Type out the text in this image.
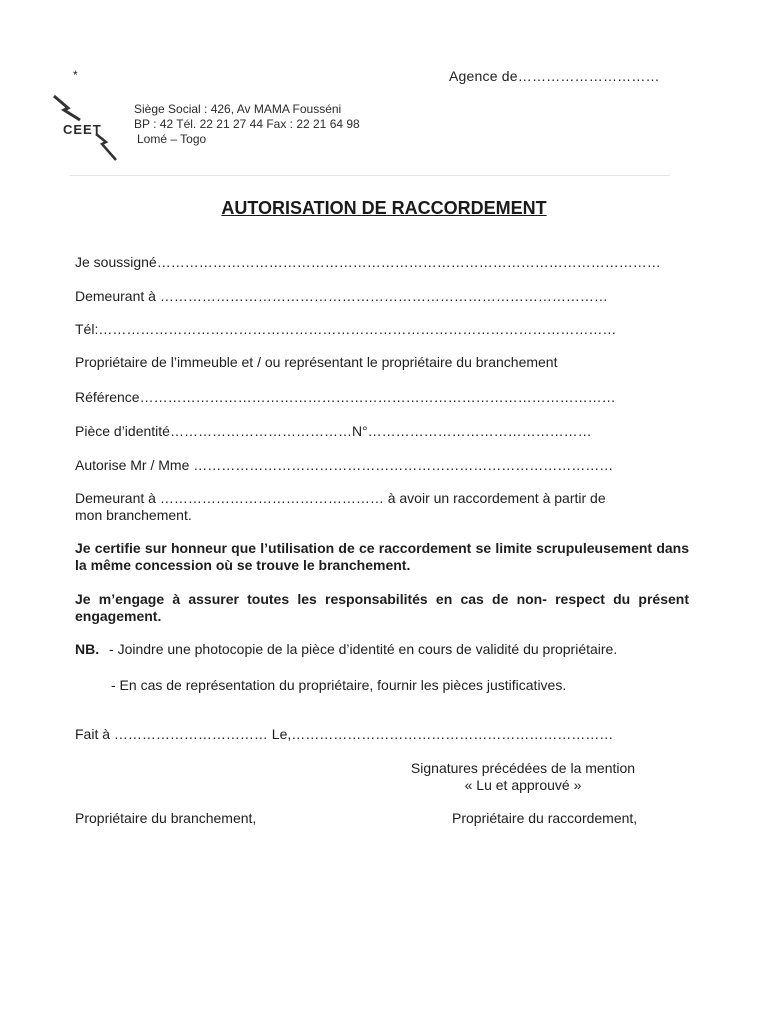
*	Agence de…………………………
CEET
Siège Social : 426, Av MAMA Fousséni
BP : 42 Tél. 22 21 27 44 Fax : 22 21 64 98
Lomé – Togo
AUTORISATION DE RACCORDEMENT
Je soussigné………………………………………………………………………………………………
Demeurant à ……………………………………………………………………………………
Tél:…………………………………………………………………………………………………
Propriétaire de l’immeuble et / ou représentant le propriétaire du branchement
Référence…………………………………………………………………………………………
Pièce d’identité…………………………………N°…………………………………………
Autorise Mr / Mme ………………………………………………………………………………
Demeurant à ………………………………………… à avoir un raccordement à partir de
mon branchement.
Je certifie sur honneur que l’utilisation de ce raccordement se limite scrupuleusement dans la même concession où se trouve le branchement.
Je m’engage à assurer toutes les responsabilités en cas de non- respect du présent engagement.
NB. - Joindre une photocopie de la pièce d’identité en cours de validité du propriétaire.
- En cas de représentation du propriétaire, fournir les pièces justificatives.
Fait à …………………………… Le,……………………………………………………………
Signatures précédées de la mention
« Lu et approuvé »
Propriétaire du branchement,	Propriétaire du raccordement,
